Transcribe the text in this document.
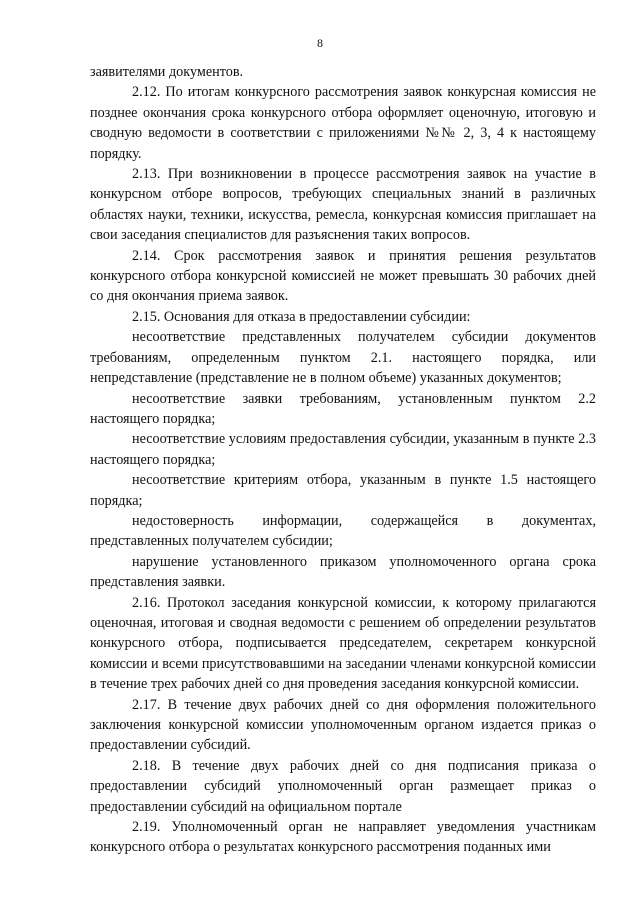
8

заявителями документов.

2.12. По итогам конкурсного рассмотрения заявок конкурсная комиссия не позднее окончания срока конкурсного отбора оформляет оценочную, итоговую и сводную ведомости в соответствии с приложениями №№ 2, 3, 4 к настоящему порядку.

2.13. При возникновении в процессе рассмотрения заявок на участие в конкурсном отборе вопросов, требующих специальных знаний в различных областях науки, техники, искусства, ремесла, конкурсная комиссия приглашает на свои заседания специалистов для разъяснения таких вопросов.

2.14. Срок рассмотрения заявок и принятия решения результатов конкурсного отбора конкурсной комиссией не может превышать 30 рабочих дней со дня окончания приема заявок.

2.15. Основания для отказа в предоставлении субсидии:

несоответствие представленных получателем субсидии документов требованиям, определенным пунктом 2.1. настоящего порядка, или непредставление (представление не в полном объеме) указанных документов;

несоответствие заявки требованиям, установленным пунктом 2.2 настоящего порядка;

несоответствие условиям предоставления субсидии, указанным в пункте 2.3 настоящего порядка;

несоответствие критериям отбора, указанным в пункте 1.5 настоящего порядка;

недостоверность информации, содержащейся в документах, представленных получателем субсидии;

нарушение установленного приказом уполномоченного органа срока представления заявки.

2.16. Протокол заседания конкурсной комиссии, к которому прилагаются оценочная, итоговая и сводная ведомости с решением об определении результатов конкурсного отбора, подписывается председателем, секретарем конкурсной комиссии и всеми присутствовавшими на заседании членами конкурсной комиссии в течение трех рабочих дней со дня проведения заседания конкурсной комиссии.

2.17. В течение двух рабочих дней со дня оформления положительного заключения конкурсной комиссии уполномоченным органом издается приказ о предоставлении субсидий.

2.18. В течение двух рабочих дней со дня подписания приказа о предоставлении субсидий уполномоченный орган размещает приказ о предоставлении субсидий на официальном портале

2.19. Уполномоченный орган не направляет уведомления участникам конкурсного отбора о результатах конкурсного рассмотрения поданных ими
